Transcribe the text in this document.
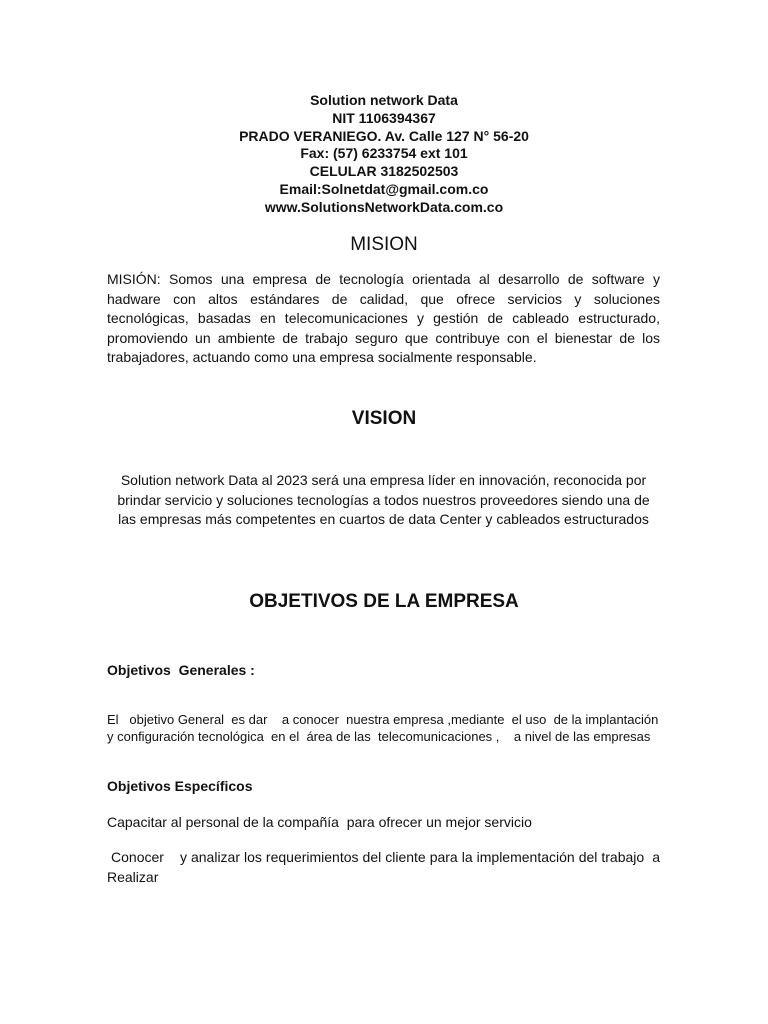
Solution network Data
NIT 1106394367
PRADO VERANIEGO. Av. Calle 127 N° 56-20
Fax: (57) 6233754 ext 101
CELULAR 3182502503
Email:Solnetdat@gmail.com.co
www.SolutionsNetworkData.com.co
MISION

MISIÓN: Somos una empresa de tecnología orientada al desarrollo de software y hadware con altos estándares de calidad, que ofrece servicios y soluciones tecnológicas, basadas en telecomunicaciones y gestión de cableado estructurado, promoviendo un ambiente de trabajo seguro que contribuye con el bienestar de los trabajadores, actuando como una empresa socialmente responsable.

VISION

Solution network Data al 2023 será una empresa líder en innovación, reconocida por brindar servicio y soluciones tecnologías a todos nuestros proveedores siendo una de las empresas más competentes en cuartos de data Center y cableados estructurados

OBJETIVOS DE LA EMPRESA
Objetivos  Generales :

El   objetivo General  es dar    a conocer  nuestra empresa ,mediante  el uso  de la implantación y configuración tecnológica  en el  área de las  telecomunicaciones ,    a nivel de las empresas

Objetivos Específicos

Capacitar al personal de la compañía  para ofrecer un mejor servicio

Conocer    y analizar los requerimientos del cliente para la implementación del trabajo  a  Realizar
